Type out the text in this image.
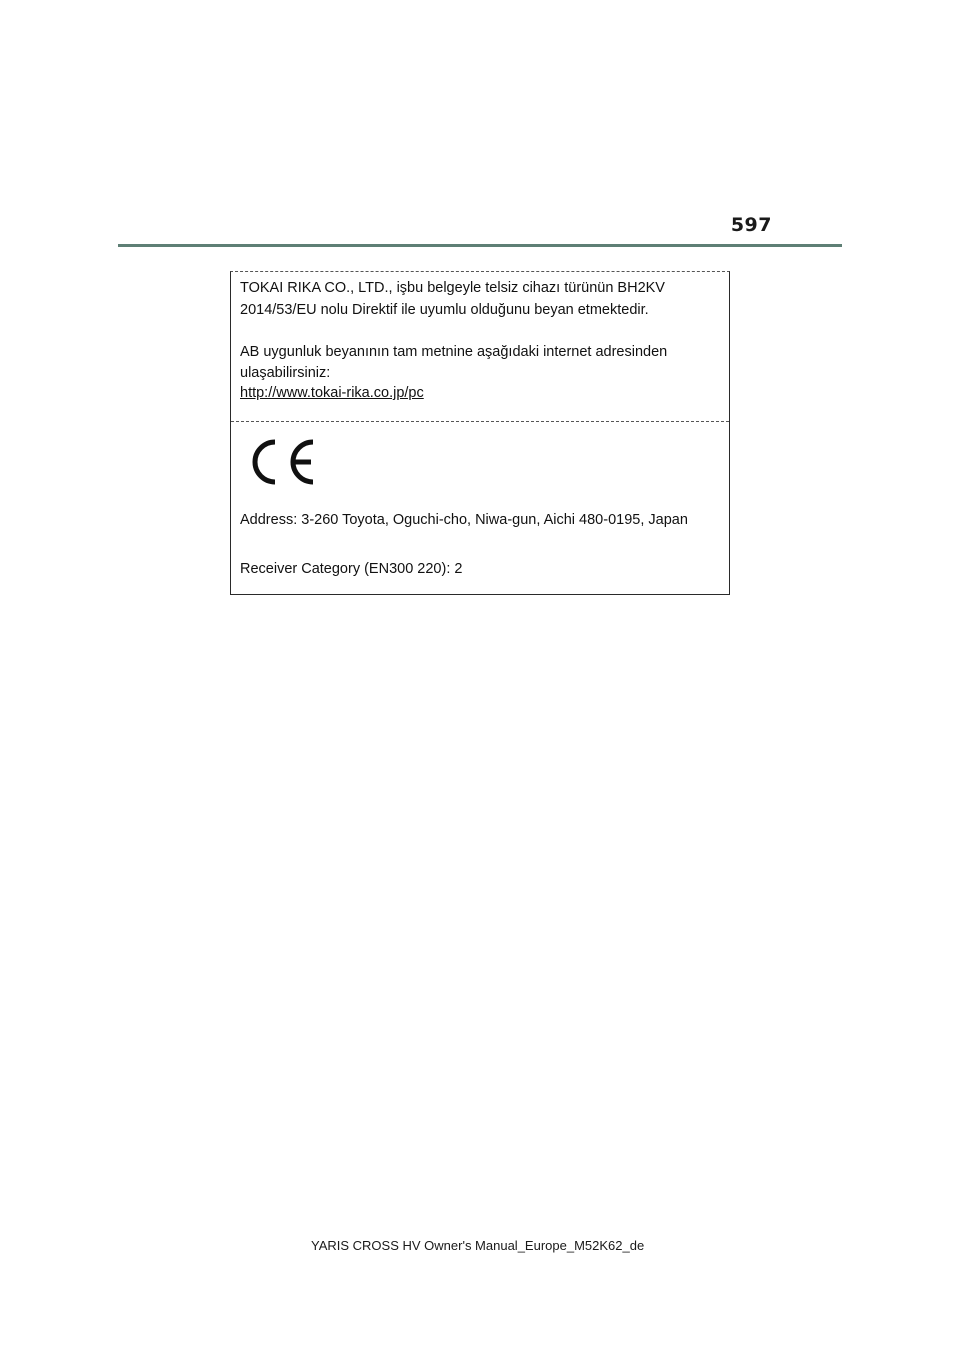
597
TOKAI RIKA CO., LTD., işbu belgeyle telsiz cihazı türünün BH2KV
2014/53/EU nolu Direktif ile uyumlu olduğunu beyan etmektedir.
AB uygunluk beyanının tam metnine aşağıdaki internet adresinden
ulaşabilirsiniz:
http://www.tokai-rika.co.jp/pc
Address: 3-260 Toyota, Oguchi-cho, Niwa-gun, Aichi 480-0195, Japan
Receiver Category (EN300 220): 2
YARIS CROSS HV Owner's Manual_Europe_M52K62_de
